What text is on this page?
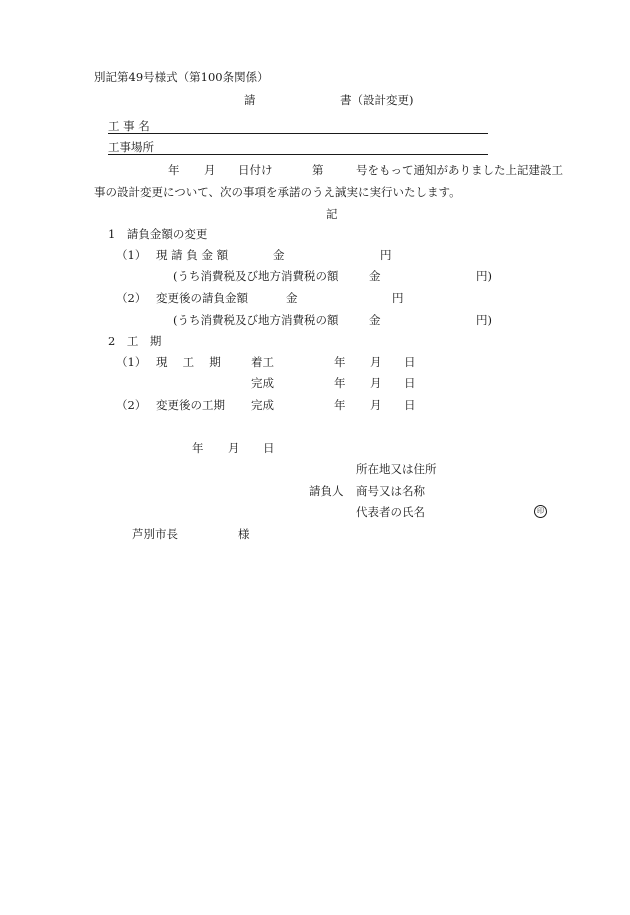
別記第49号様式（第100条関係）
請	書（設計変更)
工 事 名
工事場所
年 月 日付け	第	号をもって通知がありました上記建設工
事の設計変更について、次の事項を承諾のうえ誠実に実行いたします。
記
1　請負金額の変更
（1） 現 請 負 金 額	金	円
(うち消費税及び地方消費税の額	金	円)
（2） 変更後の請負金額	金	円
(うち消費税及び地方消費税の額	金	円)
2　工　期
（1） 現　 工　 期	着工	年 月 日
完成	年 月 日
（2） 変更後の工期 完成	年 月 日
年 月 日
所在地又は住所
請負人 商号又は名称
代表者の氏名	印
芦別市長	様
